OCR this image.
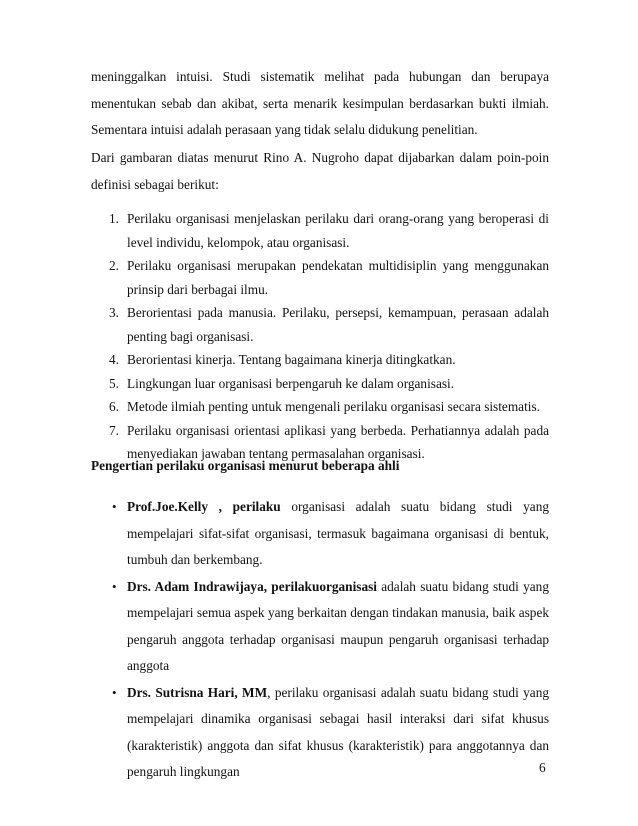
meninggalkan intuisi. Studi sistematik melihat pada hubungan dan berupaya menentukan sebab dan akibat, serta menarik kesimpulan berdasarkan bukti ilmiah. Sementara intuisi adalah perasaan yang tidak selalu didukung penelitian.

Dari gambaran diatas menurut Rino A. Nugroho dapat dijabarkan dalam poin-poin definisi sebagai berikut:

1. Perilaku organisasi menjelaskan perilaku dari orang-orang yang beroperasi di level individu, kelompok, atau organisasi.
2. Perilaku organisasi merupakan pendekatan multidisiplin yang menggunakan prinsip dari berbagai ilmu.
3. Berorientasi pada manusia. Perilaku, persepsi, kemampuan, perasaan adalah penting bagi organisasi.
4. Berorientasi kinerja. Tentang bagaimana kinerja ditingkatkan.
5. Lingkungan luar organisasi berpengaruh ke dalam organisasi.
6. Metode ilmiah penting untuk mengenali perilaku organisasi secara sistematis.
7. Perilaku organisasi orientasi aplikasi yang berbeda. Perhatiannya adalah pada menyediakan jawaban tentang permasalahan organisasi.

Pengertian perilaku organisasi menurut beberapa ahli

• Prof.Joe.Kelly , perilaku organisasi adalah suatu bidang studi yang mempelajari sifat-sifat organisasi, termasuk bagaimana organisasi di bentuk, tumbuh dan berkembang.
• Drs. Adam Indrawijaya, perilakuorganisasi adalah suatu bidang studi yang mempelajari semua aspek yang berkaitan dengan tindakan manusia, baik aspek pengaruh anggota terhadap organisasi maupun pengaruh organisasi terhadap anggota
• Drs. Sutrisna Hari, MM, perilaku organisasi adalah suatu bidang studi yang mempelajari dinamika organisasi sebagai hasil interaksi dari sifat khusus (karakteristik) anggota dan sifat khusus (karakteristik) para anggotannya dan pengaruh lingkungan	6
